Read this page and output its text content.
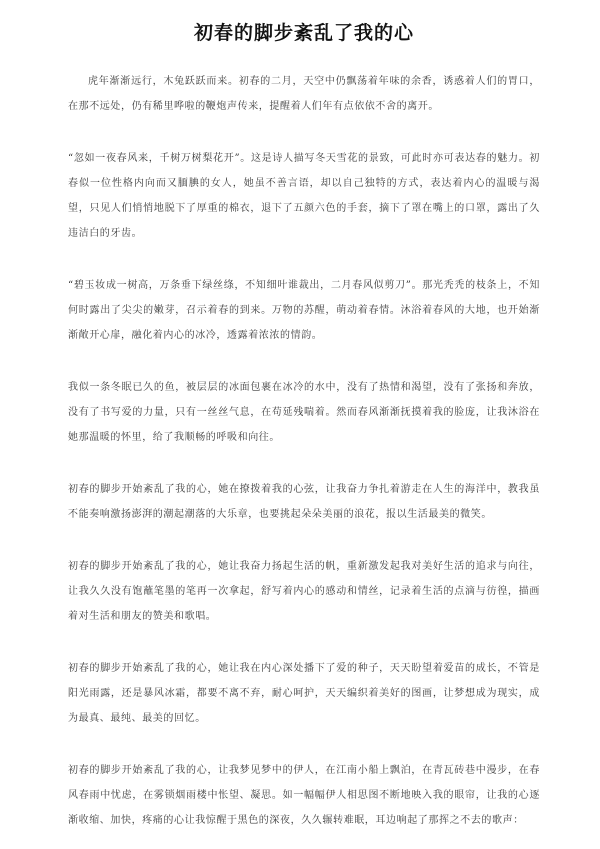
初春的脚步紊乱了我的心

虎年渐渐远行，木兔跃跃而来。初春的二月，天空中仍飘荡着年味的余香，诱惑着人们的胃口，在那不远处，仍有稀里哗啦的鞭炮声传来，提醒着人们年有点依依不舍的离开。

“忽如一夜春风来，千树万树梨花开”。这是诗人描写冬天雪花的景致，可此时亦可表达春的魅力。初春似一位性格内向而又腼腆的女人，她虽不善言语，却以自己独特的方式，表达着内心的温暖与渴望，只见人们悄悄地脱下了厚重的棉衣，退下了五颜六色的手套，摘下了罩在嘴上的口罩，露出了久违洁白的牙齿。

“碧玉妆成一树高，万条垂下绿丝绦，不知细叶谁裁出，二月春风似剪刀”。那光秃秃的枝条上，不知何时露出了尖尖的嫩芽，召示着春的到来。万物的苏醒，萌动着春情。沐浴着春风的大地，也开始渐渐敞开心扉，融化着内心的冰冷，透露着浓浓的情韵。

我似一条冬眠已久的鱼，被层层的冰面包裹在冰冷的水中，没有了热情和渴望，没有了张扬和奔放，没有了书写爱的力量，只有一丝丝气息，在苟延残喘着。然而春风渐渐抚摸着我的脸庞，让我沐浴在她那温暖的怀里，给了我顺畅的呼吸和向往。

初春的脚步开始紊乱了我的心，她在撩拨着我的心弦，让我奋力争扎着游走在人生的海洋中，教我虽不能奏响激扬澎湃的潮起潮落的大乐章，也要挑起朵朵美丽的浪花，报以生活最美的微笑。

初春的脚步开始紊乱了我的心，她让我奋力扬起生活的帆，重新激发起我对美好生活的追求与向往，让我久久没有饱蘸笔墨的笔再一次拿起，舒写着内心的感动和情丝，记录着生活的点滴与彷徨，描画着对生活和朋友的赞美和歌唱。

初春的脚步开始紊乱了我的心，她让我在内心深处播下了爱的种子，天天盼望着爱苗的成长，不管是阳光雨露，还是暴风冰霜，都要不离不弃，耐心呵护，天天编织着美好的图画，让梦想成为现实，成为最真、最纯、最美的回忆。

初春的脚步开始紊乱了我的心，让我梦见梦中的伊人，在江南小船上飘泊，在青瓦砖巷中漫步，在春风春雨中忧虑，在雾锁烟雨楼中怅望、凝思。如一幅幅伊人相思图不断地映入我的眼帘，让我的心逐渐收缩、加快，疼痛的心让我惊醒于黑色的深夜，久久辗转难眠，耳边响起了那挥之不去的歌声：
